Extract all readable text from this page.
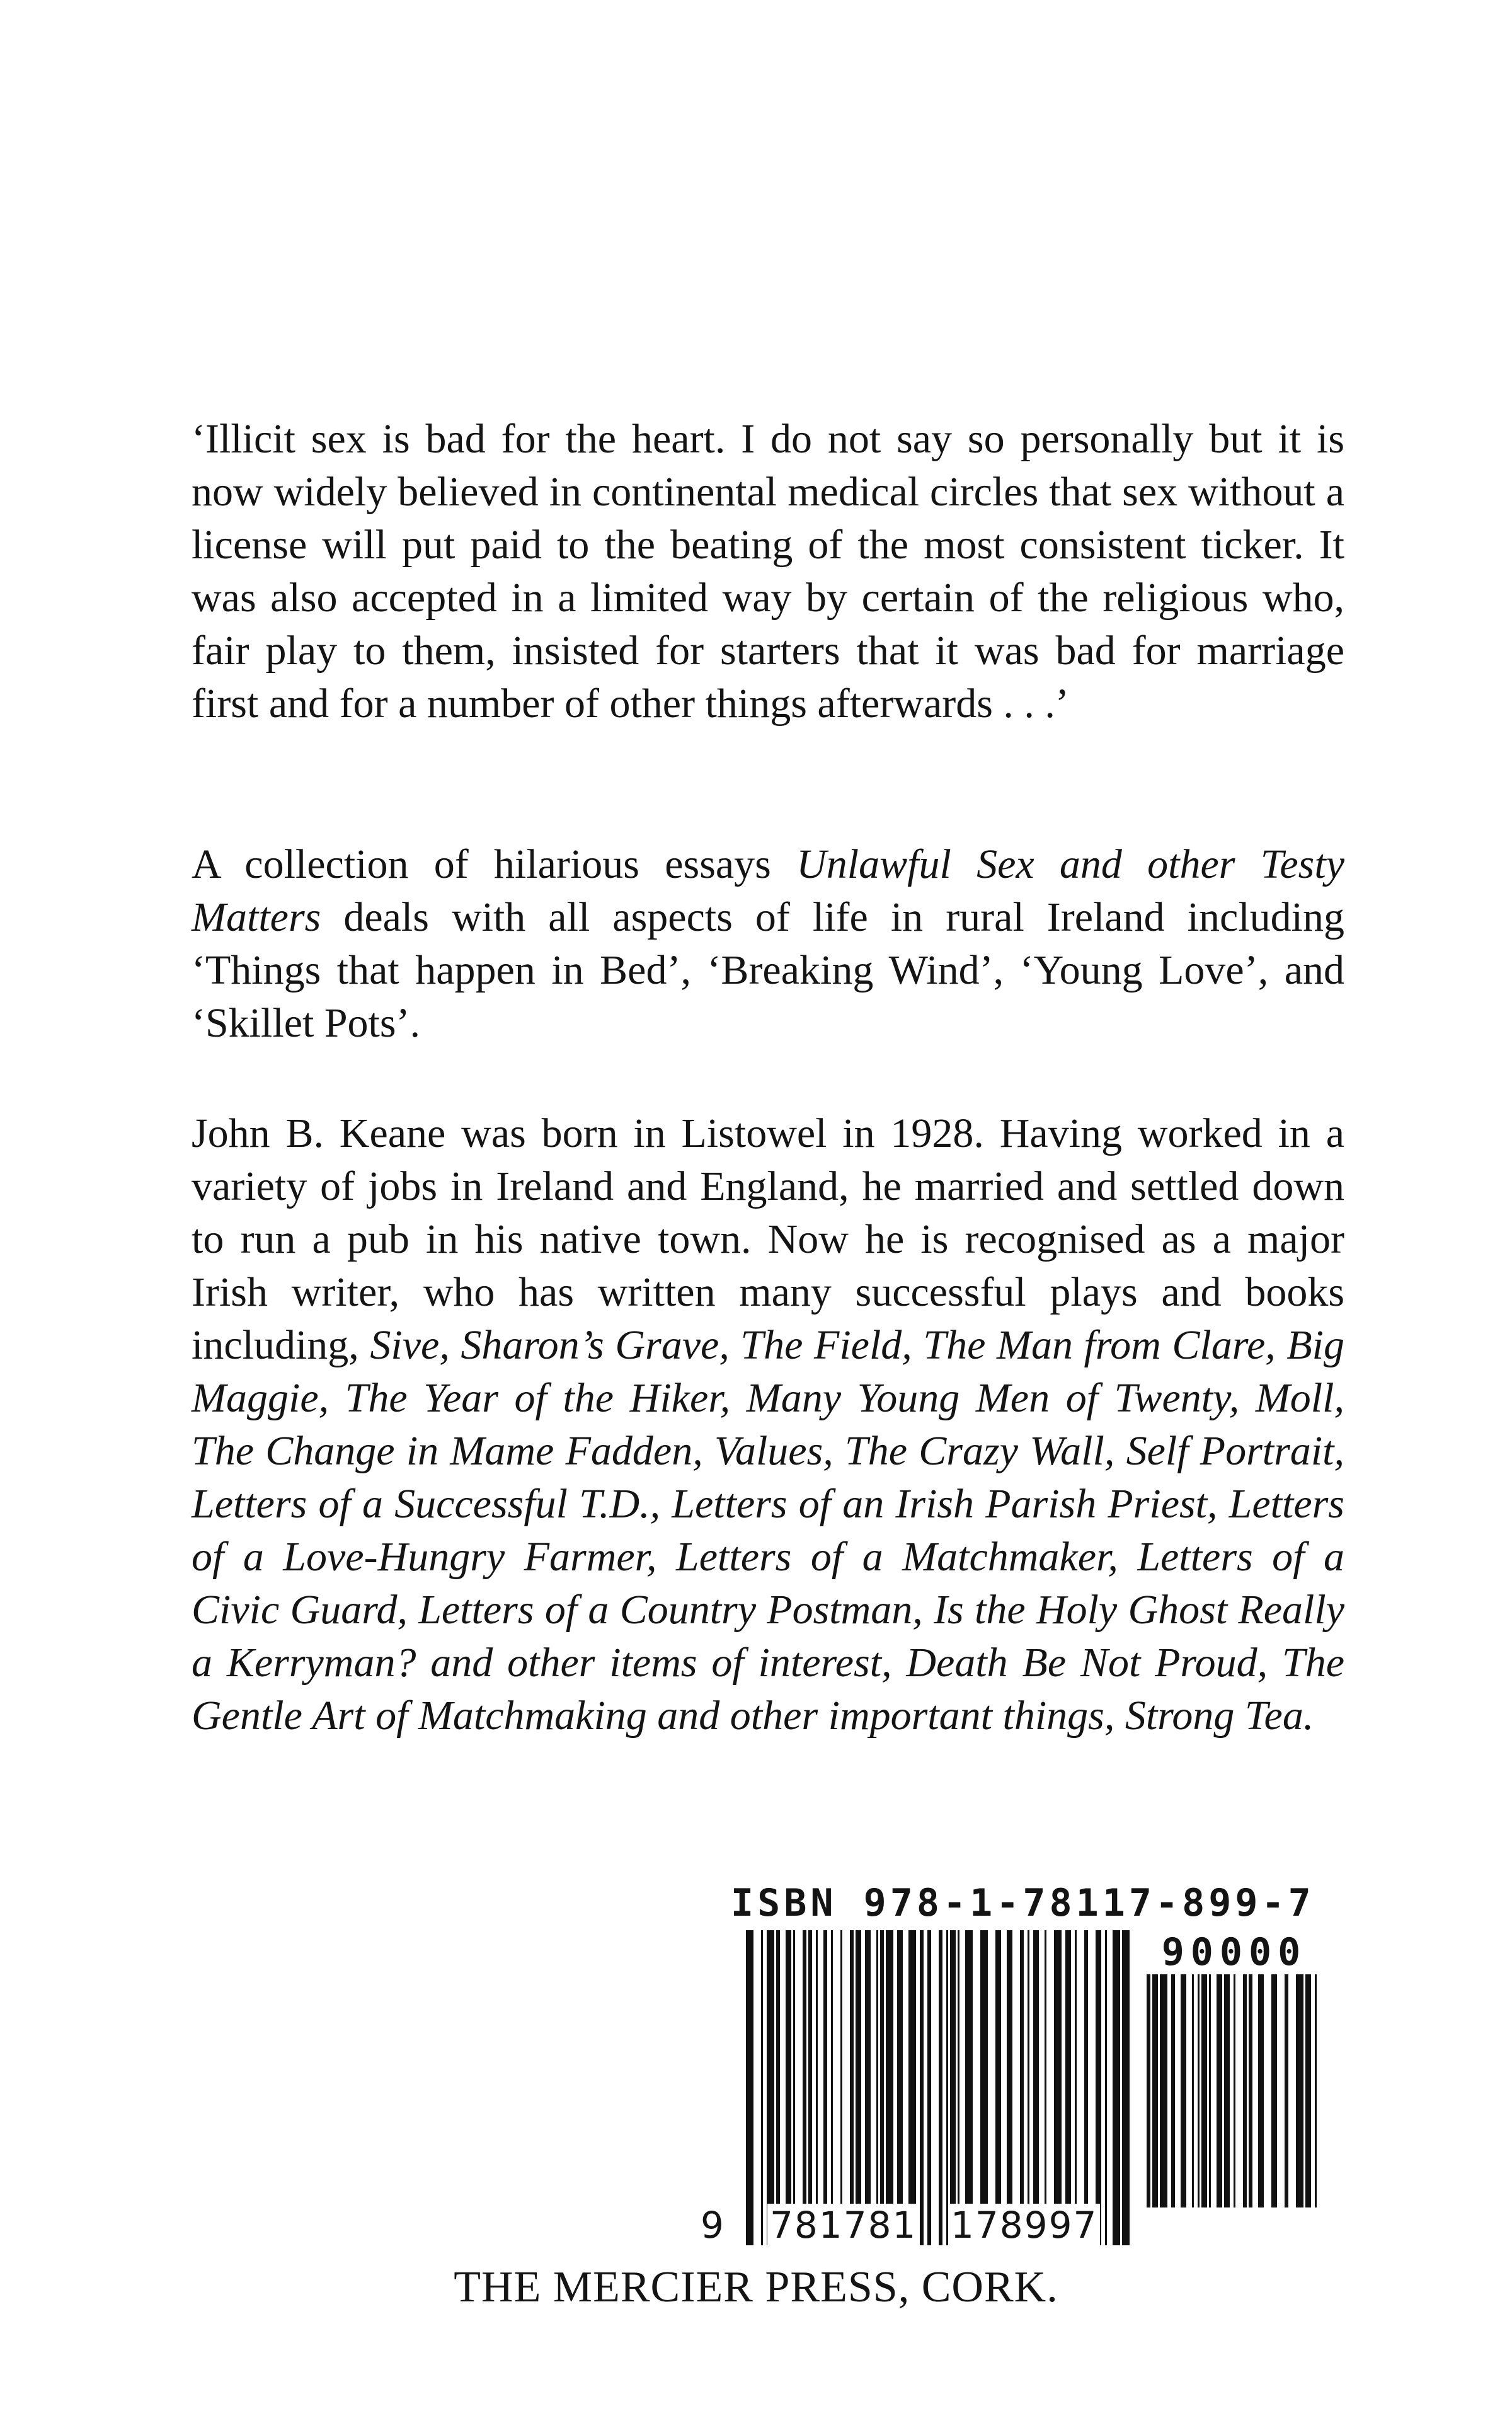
‘Illicit sex is bad for the heart. I do not say so personally but it is now widely believed in continental medical circles that sex without a license will put paid to the beating of the most consistent ticker. It was also accepted in a limited way by certain of the religious who, fair play to them, insisted for starters that it was bad for marriage first and for a number of other things afterwards . . .’

A collection of hilarious essays Unlawful Sex and other Testy Matters deals with all aspects of life in rural Ireland including ‘Things that happen in Bed’, ‘Breaking Wind’, ‘Young Love’, and ‘Skillet Pots’.

John B. Keane was born in Listowel in 1928. Having worked in a variety of jobs in Ireland and England, he married and settled down to run a pub in his native town. Now he is recognised as a major Irish writer, who has written many successful plays and books including, Sive, Sharon’s Grave, The Field, The Man from Clare, Big Maggie, The Year of the Hiker, Many Young Men of Twenty, Moll, The Change in Mame Fadden, Values, The Crazy Wall, Self Portrait, Letters of a Successful T.D., Letters of an Irish Parish Priest, Letters of a Love-Hungry Farmer, Letters of a Matchmaker, Letters of a Civic Guard, Letters of a Country Postman, Is the Holy Ghost Really a Kerryman? and other items of interest, Death Be Not Proud, The Gentle Art of Matchmaking and other important things, Strong Tea.

ISBN 978-1-78117-899-7
90000
9 781781 178997

THE MERCIER PRESS, CORK.
